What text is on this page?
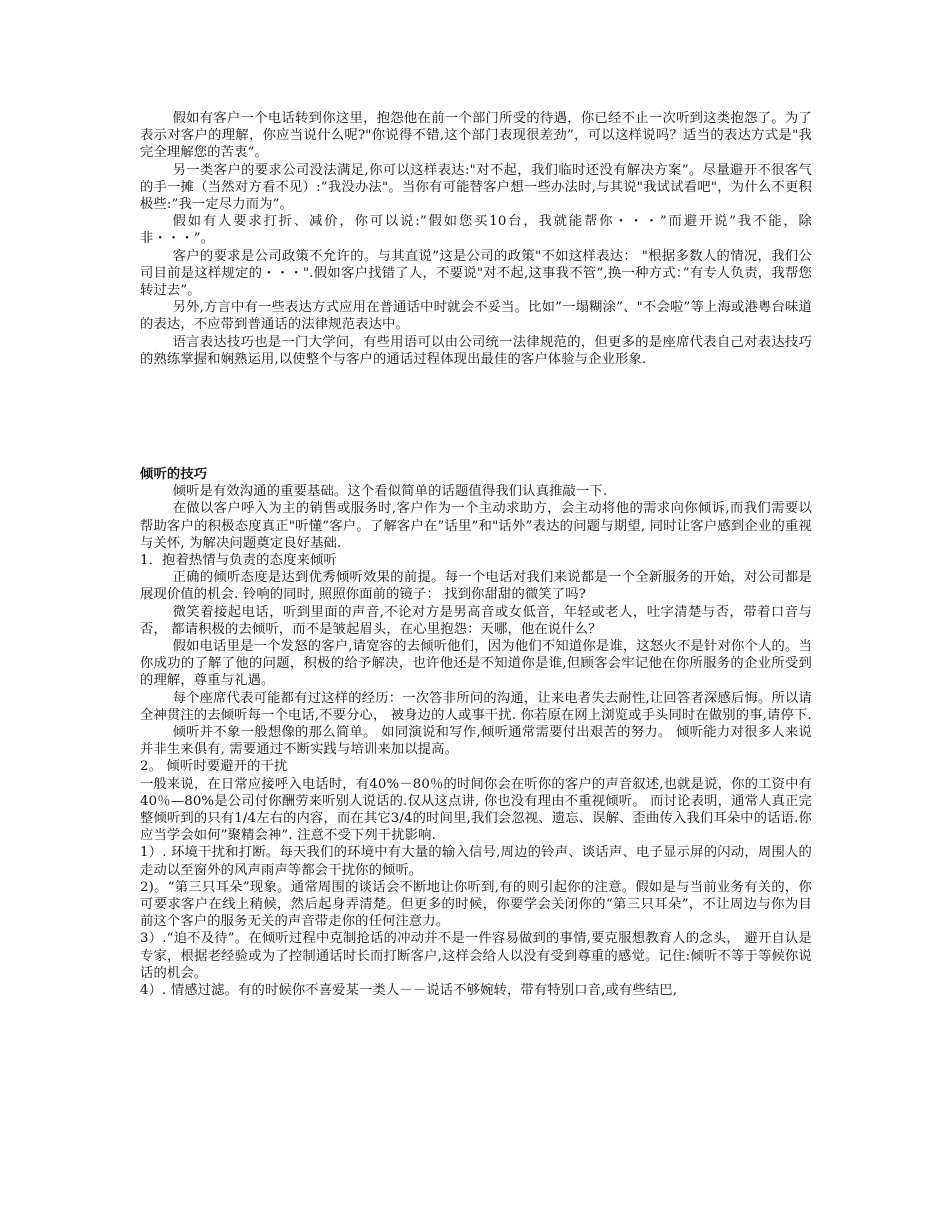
假如有客户一个电话转到你这里，抱怨他在前一个部门所受的待遇，你已经不止一次听到这类抱怨了。为了表示对客户的理解，你应当说什么呢?"你说得不错,这个部门表现很差劲”，可以这样说吗？适当的表达方式是"我完全理解您的苦衷”。

另一类客户的要求公司没法满足,你可以这样表达:"对不起，我们临时还没有解决方案”。尽量避开不很客气的手一摊（当然对方看不见）:”我没办法"。当你有可能替客户想一些办法时,与其说"我试试看吧"，为什么不更积极些:”我一定尽力而为”。

假如有人要求打折、减价，你可以说:”假如您买10台，我就能帮你・・・”而避开说”我不能，除非・・・”。

客户的要求是公司政策不允许的。与其直说”这是公司的政策"不如这样表达： "根据多数人的情况，我们公司目前是这样规定的・・・".假如客户找错了人，不要说"对不起,这事我不管”,换一种方式：”有专人负责，我帮您转过去”。

另外,方言中有一些表达方式应用在普通话中时就会不妥当。比如”一塌糊涂”、"不会啦”等上海或港粤台味道的表达，不应带到普通话的法律规范表达中。

语言表达技巧也是一门大学问，有些用语可以由公司统一法律规范的，但更多的是座席代表自己对表达技巧的熟练掌握和娴熟运用,以使整个与客户的通话过程体现出最佳的客户体验与企业形象.

倾听的技巧

倾听是有效沟通的重要基础。这个看似简单的话题值得我们认真推敲一下.

在做以客户呼入为主的销售或服务时,客户作为一个主动求助方，会主动将他的需求向你倾诉,而我们需要以帮助客户的积极态度真正"听懂”客户。了解客户在”话里”和"话外”表达的问题与期望, 同时让客户感到企业的重视与关怀, 为解决问题奠定良好基础.

1．抱着热情与负责的态度来倾听

正确的倾听态度是达到优秀倾听效果的前提。每一个电话对我们来说都是一个全新服务的开始，对公司都是展现价值的机会. 铃响的同时, 照照你面前的镜子： 找到你甜甜的微笑了吗?

微笑着接起电话，听到里面的声音,不论对方是男高音或女低音，年轻或老人，吐字清楚与否，带着口音与否， 都请积极的去倾听，而不是皱起眉头，在心里抱怨：天哪，他在说什么？

假如电话里是一个发怒的客户,请宽容的去倾听他们，因为他们不知道你是谁，这怒火不是针对你个人的。当你成功的了解了他的问题，积极的给予解决，也许他还是不知道你是谁,但顾客会牢记他在你所服务的企业所受到的理解，尊重与礼遇。

每个座席代表可能都有过这样的经历：一次答非所问的沟通，让来电者失去耐性,让回答者深感后悔。所以请全神贯注的去倾听每一个电话,不要分心， 被身边的人或事干扰. 你若原在网上浏览或手头同时在做别的事,请停下.

倾听并不象一般想像的那么简单。 如同演说和写作,倾听通常需要付出艰苦的努力。 倾听能力对很多人来说并非生来俱有, 需要通过不断实践与培训来加以提高。

2。 倾听时要避开的干扰

一般来说，在日常应接呼入电话时，有40%－80％的时间你会在听你的客户的声音叙述,也就是说，你的工资中有40％—80%是公司付你酬劳来听别人说话的.仅从这点讲, 你也没有理由不重视倾听。 而讨论表明，通常人真正完整倾听到的只有1/4左右的内容，而在其它3/4的时间里,我们会忽视、遗忘、误解、歪曲传入我们耳朵中的话语.你应当学会如何”聚精会神”. 注意不受下列干扰影响.

1）. 环境干扰和打断。每天我们的环境中有大量的输入信号,周边的铃声、谈话声、电子显示屏的闪动，周围人的走动以至窗外的风声雨声等都会干扰你的倾听。

2)。“第三只耳朵”现象。通常周围的谈话会不断地让你听到,有的则引起你的注意。假如是与当前业务有关的，你可要求客户在线上稍候，然后起身弄清楚。但更多的时候，你要学会关闭你的“第三只耳朵”，不让周边与你为目前这个客户的服务无关的声音带走你的任何注意力。

3）.“迫不及待”。在倾听过程中克制抢话的冲动并不是一件容易做到的事情,要克服想教育人的念头， 避开自认是专家，根据老经验或为了控制通话时长而打断客户,这样会给人以没有受到尊重的感觉。记住:倾听不等于等候你说话的机会。

4）. 情感过滤。有的时候你不喜爱某一类人－－说话不够婉转，带有特别口音,或有些结巴,
